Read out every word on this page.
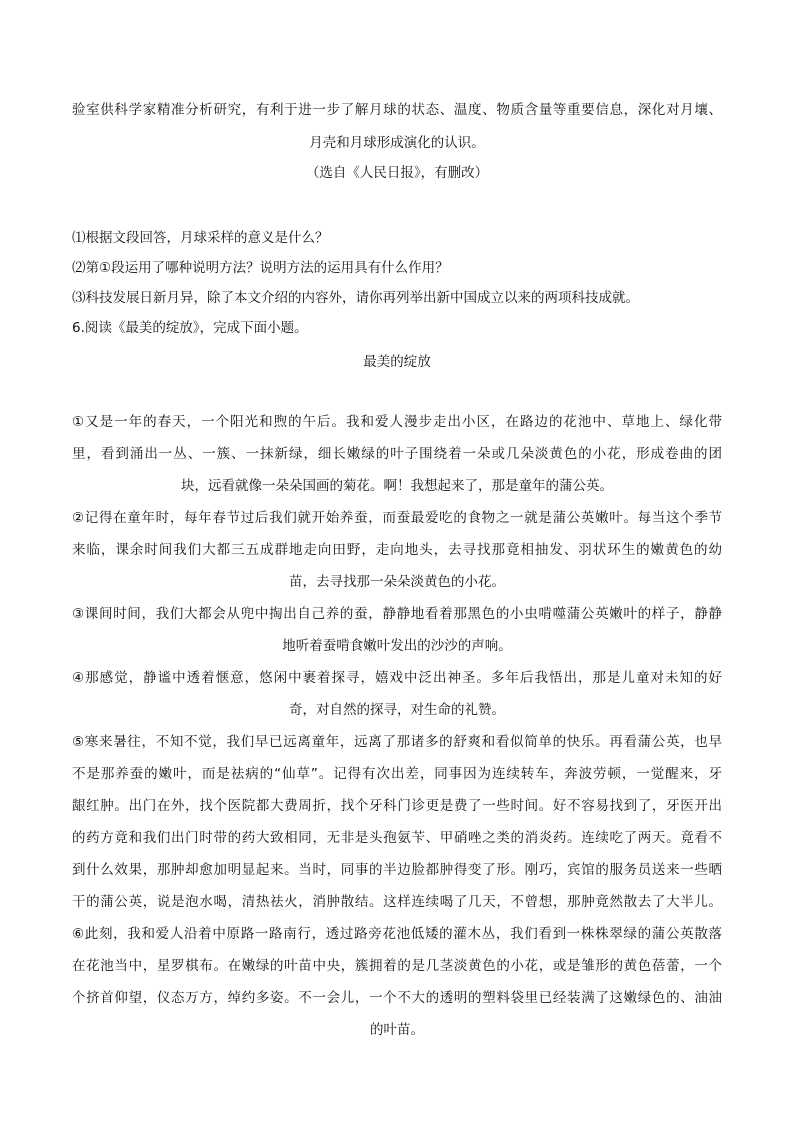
验室供科学家精准分析研究，有利于进一步了解月球的状态、温度、物质含量等重要信息，深化对月壤、
月壳和月球形成演化的认识。
（选自《人民日报》，有删改）
⑴根据文段回答，月球采样的意义是什么？
⑵第①段运用了哪种说明方法？说明方法的运用具有什么作用？
⑶科技发展日新月异，除了本文介绍的内容外，请你再列举出新中国成立以来的两项科技成就。
6.阅读《最美的绽放》，完成下面小题。
最美的绽放
①又是一年的春天，一个阳光和煦的午后。我和爱人漫步走出小区，在路边的花池中、草地上、绿化带
里，看到涌出一丛、一簇、一抹新绿，细长嫩绿的叶子围绕着一朵或几朵淡黄色的小花，形成卷曲的团
块，远看就像一朵朵国画的菊花。啊！我想起来了，那是童年的蒲公英。
②记得在童年时，每年春节过后我们就开始养蚕，而蚕最爱吃的食物之一就是蒲公英嫩叶。每当这个季节
来临，课余时间我们大都三五成群地走向田野，走向地头，去寻找那竟相抽发、羽状环生的嫩黄色的幼
苗，去寻找那一朵朵淡黄色的小花。
③课间时间，我们大都会从兜中掏出自己养的蚕，静静地看着那黑色的小虫啃噬蒲公英嫩叶的样子，静静
地听着蚕啃食嫩叶发出的沙沙的声响。
④那感觉，静谧中透着惬意，悠闲中裹着探寻，嬉戏中泛出神圣。多年后我悟出，那是儿童对未知的好
奇，对自然的探寻，对生命的礼赞。
⑤寒来暑往，不知不觉，我们早已远离童年，远离了那诸多的舒爽和看似简单的快乐。再看蒲公英，也早
不是那养蚕的嫩叶，而是祛病的“仙草”。记得有次出差，同事因为连续转车，奔波劳顿，一觉醒来，牙
龈红肿。出门在外，找个医院都大费周折，找个牙科门诊更是费了一些时间。好不容易找到了，牙医开出
的药方竟和我们出门时带的药大致相同，无非是头孢氨苄、甲硝唑之类的消炎药。连续吃了两天。竟看不
到什么效果，那肿却愈加明显起来。当时，同事的半边脸都肿得变了形。刚巧，宾馆的服务员送来一些晒
干的蒲公英，说是泡水喝，清热祛火，消肿散结。这样连续喝了几天，不曾想，那肿竟然散去了大半儿。
⑥此刻，我和爱人沿着中原路一路南行，透过路旁花池低矮的灌木丛，我们看到一株株翠绿的蒲公英散落
在花池当中，星罗棋布。在嫩绿的叶苗中央，簇拥着的是几茎淡黄色的小花，或是雏形的黄色蓓蕾，一个
个挤首仰望，仪态万方，绰约多姿。不一会儿，一个不大的透明的塑料袋里已经装满了这嫩绿色的、油油
的叶苗。
